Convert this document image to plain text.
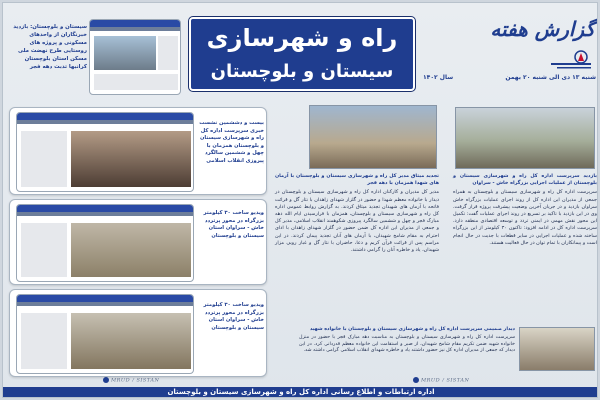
راه و شهرسازی
سیستان و بلوچستان
گزارش هفته
شنبه ۱۳ دی الی شنبه ۲۰ بهمن
سال ۱۴۰۲
سیستان و بلوچستان: بازدید خبرنگاران از واحدهای مسکونی و پروژه های روستایی طرح نهضت ملی مسکن استان بلوچستان کرانبها تدبت دهه فجر
بیست و دششمین نشست خبری سرپرست اداره کل راه و شهرسازی سیستان و بلوچستان همزمان با چهل و ششمین سالگرد پیروزی انقلاب اسلامی
ویدیو ساخت ۳۰ کیلومتر بزرگراه در محور پرتردد خاش - سراوان استان سیستان و بلوچستان
ویدیو ساخت ۳۰ کیلومتر بزرگراه در محور پرتردد خاش - سراوان استان سیستان و بلوچستان
تجدید میثاق مدیر کل راه و شهرسازی سیستان و بلوچستان با آرمان های شهدا همزمان با دهه فجر
مدیر کل مدیران و کارکنان اداره کل راه و شهرسازی سیستان و بلوچستان در دیدار با خانواده معظم شهدا و حضور در گلزار شهدای زاهدان با نثار گل و قرائت فاتحه با آرمان های شهیدان تجدید میثاق کردند. به گزارش روابط عمومی اداره کل راه و شهرسازی سیستان و بلوچستان، همزمان با فرارسیدن ایام الله دهه مبارک فجر و چهل و ششمین سالگرد پیروزی شکوهمند انقلاب اسلامی، مدیر کل و جمعی از مدیران این اداره کل ضمن حضور در گلزار شهدای زاهدان با ادای احترام به مقام شامخ شهیدان، با آرمان های آنان تجدید پیمان کردند. در این مراسم پس از قرائت قرآن کریم و دعا، حاضران با نثار گل و غبار روبی مزار شهیدان، یاد و خاطره آنان را گرامی داشتند.
بازدید سرپرست اداره کل راه و شهرسازی سیستان و بلوچستان از عملیات اجرایی بزرگراه خاش - سراوان
سرپرست اداره کل راه و شهرسازی سیستان و بلوچستان به همراه جمعی از مدیران این اداره کل از روند اجرای عملیات بزرگراه خاش سراوان بازدید و در جریان آخرین وضعیت پیشرفت پروژه قرار گرفت. وی در این بازدید با تاکید بر تسریع در روند اجرای عملیات گفت: تکمیل این محور نقش مهمی در ایمنی تردد و توسعه اقتصادی منطقه دارد. سرپرست اداره کل در ادامه افزود: تاکنون ۳۰ کیلومتر از این بزرگراه ساخته شده و عملیات اجرایی در سایر قطعات با جدیت در حال انجام است و پیمانکاران با تمام توان در حال فعالیت هستند.
دیدار صمیمی سرپرست اداره کل راه و شهرسازی سیستان و بلوچستان با خانواده شهید
سرپرست اداره کل راه و شهرسازی سیستان و بلوچستان به مناسبت دهه مبارک فجر با حضور در منزل خانواده شهید ضمن تکریم مقام شامخ شهیدان، از صبر و استقامت این خانواده معظم قدردانی کرد. در این دیدار که جمعی از مدیران اداره کل نیز حضور داشتند یاد و خاطره شهدای انقلاب اسلامی گرامی داشته شد.
MRUD / SISTAN	MRUD / SISTAN
اداره ارتباطات و اطلاع رسانی اداره کل راه و شهرسازی سیستان و بلوچستان
